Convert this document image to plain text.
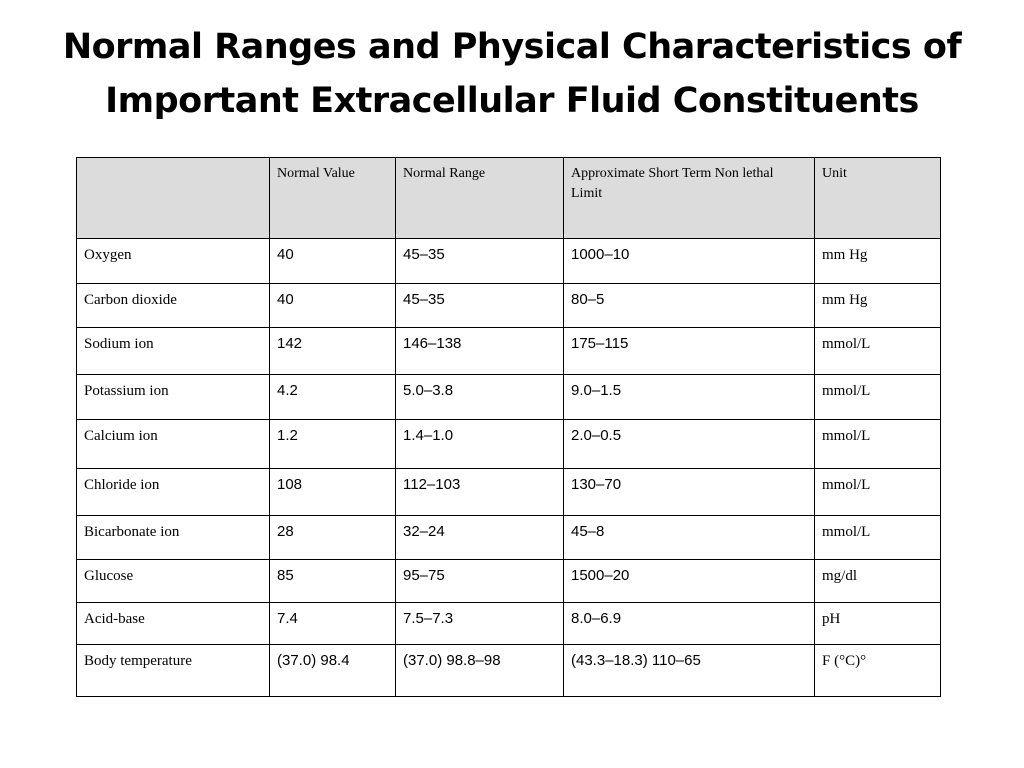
Normal Ranges and Physical Characteristics of
Important Extracellular Fluid Constituents
	Normal Value	Normal Range	Approximate Short Term Non lethal Limit	Unit
Oxygen	40	45–35	1000–10	mm Hg
Carbon dioxide	40	45–35	80–5	mm Hg
Sodium ion	142	146–138	175–115	mmol/L
Potassium ion	4.2	5.0–3.8	9.0–1.5	mmol/L
Calcium ion	1.2	1.4–1.0	2.0–0.5	mmol/L
Chloride ion	108	112–103	130–70	mmol/L
Bicarbonate ion	28	32–24	45–8	mmol/L
Glucose	85	95–75	1500–20	mg/dl
Acid-base	7.4	7.5–7.3	8.0–6.9	pH
Body temperature	(37.0) 98.4	(37.0) 98.8–98	(43.3–18.3) 110–65	F (°C)°
